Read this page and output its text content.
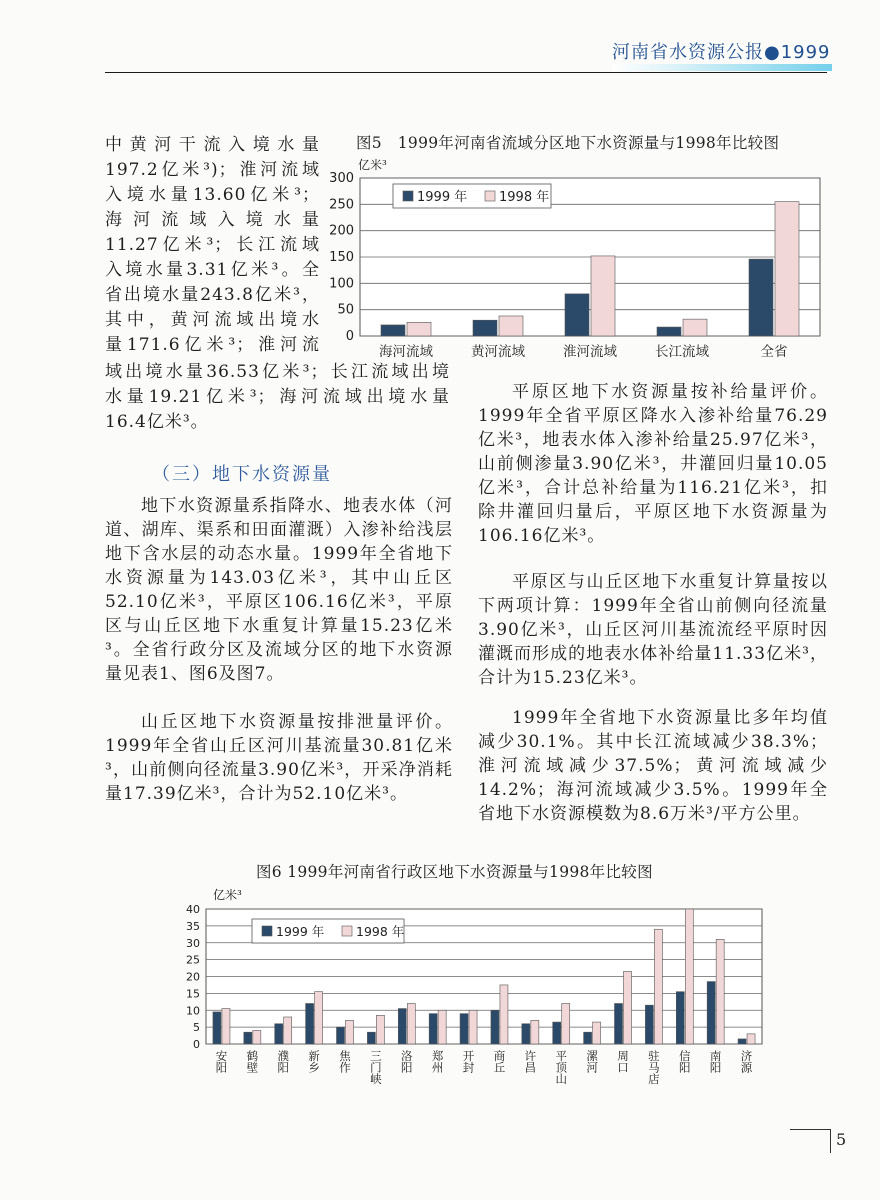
河南省水资源公报●1999
中黄河干流入境水量
197.2亿米³)；淮河流域
入境水量13.60亿米³；
海河流域入境水量
11.27亿米³；长江流域
入境水量3.31亿米³。全
省出境水量243.8亿米³，
其中，黄河流域出境水
量171.6亿米³；淮河流
域出境水量36.53亿米³；长江流域出境
水量19.21亿米³；海河流域出境水量
16.4亿米³。
（三）地下水资源量

地下水资源量系指降水、地表水体（河道、湖库、渠系和田面灌溉）入渗补给浅层地下含水层的动态水量。1999年全省地下水资源量为143.03亿米³，其中山丘区52.10亿米³，平原区106.16亿米³，平原区与山丘区地下水重复计算量15.23亿米³。全省行政分区及流域分区的地下水资源量见表1、图6及图7。

山丘区地下水资源量按排泄量评价。1999年全省山丘区河川基流量30.81亿米³，山前侧向径流量3.90亿米³，开采净消耗量17.39亿米³，合计为52.10亿米³。

平原区地下水资源量按补给量评价。1999年全省平原区降水入渗补给量76.29亿米³，地表水体入渗补给量25.97亿米³，山前侧渗量3.90亿米³，井灌回归量10.05亿米³，合计总补给量为116.21亿米³，扣除井灌回归量后，平原区地下水资源量为106.16亿米³。

平原区与山丘区地下水重复计算量按以下两项计算：1999年全省山前侧向径流量3.90亿米³，山丘区河川基流流经平原时因灌溉而形成的地表水体补给量11.33亿米³，合计为15.23亿米³。

1999年全省地下水资源量比多年均值减少30.1%。其中长江流域减少38.3%；淮河流域减少37.5%；黄河流域减少14.2%；海河流域减少3.5%。1999年全省地下水资源模数为8.6万米³/平方公里。

图5　1999年河南省流域分区地下水资源量与1998年比较图
亿米³
0
50
100
150
200
250
300
海河流域	黄河流域	淮河流域	长江流域	全省
1999 年 1998 年
图6 1999年河南省行政区地下水资源量与1998年比较图
亿米³
0
5
10
15
20
25
30
35
40
安阳 鹤壁 濮阳 新乡 焦作 三门峡 洛阳 郑州 开封 商丘 许昌 平顶山 漯河 周口 驻马店 信阳 南阳 济源
1999 年	1998 年
5
